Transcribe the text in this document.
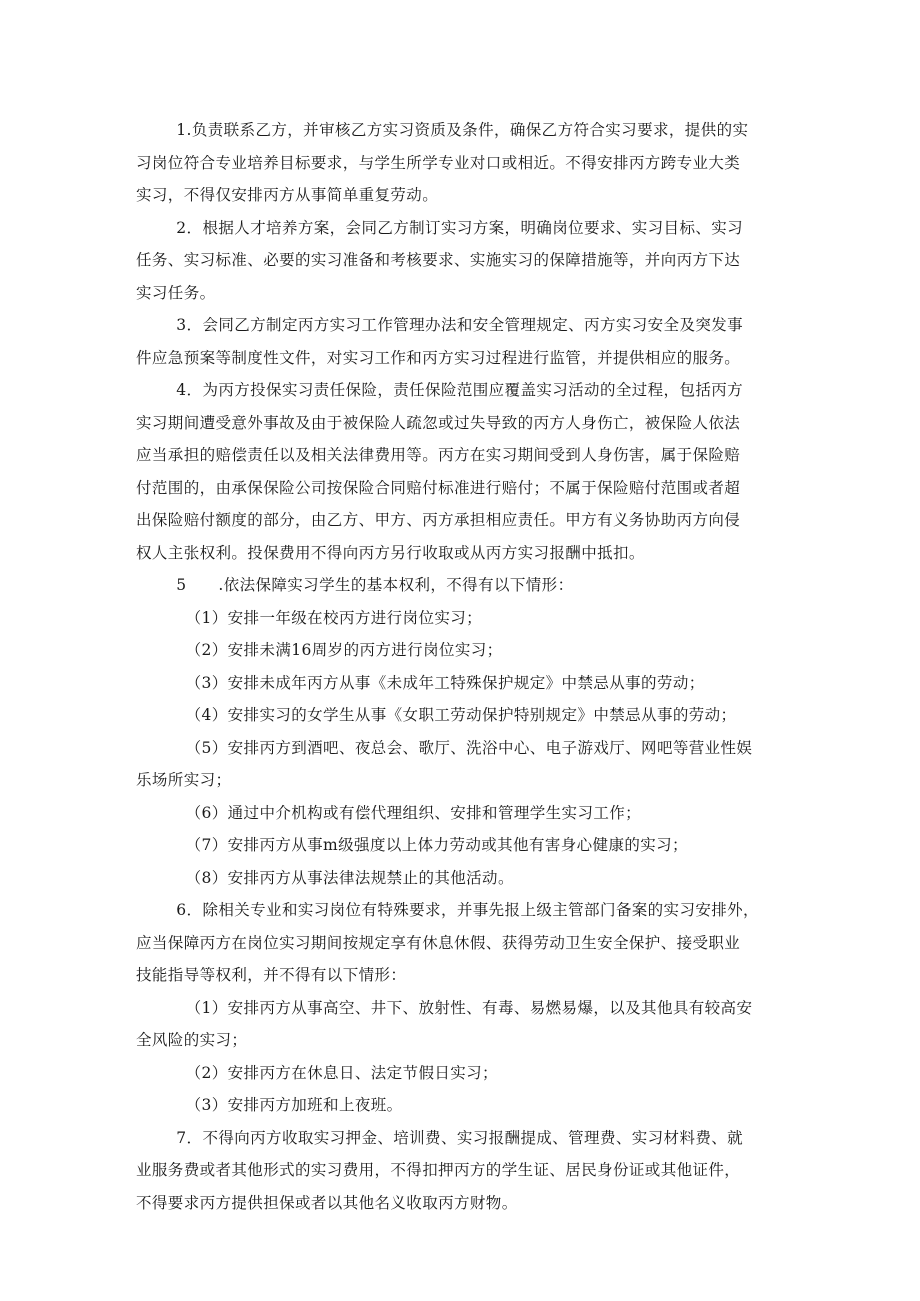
1.负责联系乙方，并审核乙方实习资质及条件，确保乙方符合实习要求，提供的实
习岗位符合专业培养目标要求，与学生所学专业对口或相近。不得安排丙方跨专业大类
实习，不得仅安排丙方从事简单重复劳动。
2．根据人才培养方案，会同乙方制订实习方案，明确岗位要求、实习目标、实习
任务、实习标准、必要的实习准备和考核要求、实施实习的保障措施等，并向丙方下达
实习任务。
3．会同乙方制定丙方实习工作管理办法和安全管理规定、丙方实习安全及突发事
件应急预案等制度性文件，对实习工作和丙方实习过程进行监管，并提供相应的服务。
4．为丙方投保实习责任保险，责任保险范围应覆盖实习活动的全过程，包括丙方
实习期间遭受意外事故及由于被保险人疏忽或过失导致的丙方人身伤亡，被保险人依法
应当承担的赔偿责任以及相关法律费用等。丙方在实习期间受到人身伤害，属于保险赔
付范围的，由承保保险公司按保险合同赔付标准进行赔付；不属于保险赔付范围或者超
出保险赔付额度的部分，由乙方、甲方、丙方承担相应责任。甲方有义务协助丙方向侵
权人主张权利。投保费用不得向丙方另行收取或从丙方实习报酬中抵扣。
5　　.依法保障实习学生的基本权利，不得有以下情形：
（1）安排一年级在校丙方进行岗位实习；
（2）安排未满16周岁的丙方进行岗位实习；
（3）安排未成年丙方从事《未成年工特殊保护规定》中禁忌从事的劳动；
（4）安排实习的女学生从事《女职工劳动保护特别规定》中禁忌从事的劳动；
（5）安排丙方到酒吧、夜总会、歌厅、洗浴中心、电子游戏厅、网吧等营业性娱
乐场所实习；
（6）通过中介机构或有偿代理组织、安排和管理学生实习工作；
（7）安排丙方从事m级强度以上体力劳动或其他有害身心健康的实习；
（8）安排丙方从事法律法规禁止的其他活动。
6．除相关专业和实习岗位有特殊要求，并事先报上级主管部门备案的实习安排外，
应当保障丙方在岗位实习期间按规定享有休息休假、获得劳动卫生安全保护、接受职业
技能指导等权利，并不得有以下情形：
（1）安排丙方从事高空、井下、放射性、有毒、易燃易爆，以及其他具有较高安
全风险的实习；
（2）安排丙方在休息日、法定节假日实习；
（3）安排丙方加班和上夜班。
7．不得向丙方收取实习押金、培训费、实习报酬提成、管理费、实习材料费、就
业服务费或者其他形式的实习费用，不得扣押丙方的学生证、居民身份证或其他证件，
不得要求丙方提供担保或者以其他名义收取丙方财物。
